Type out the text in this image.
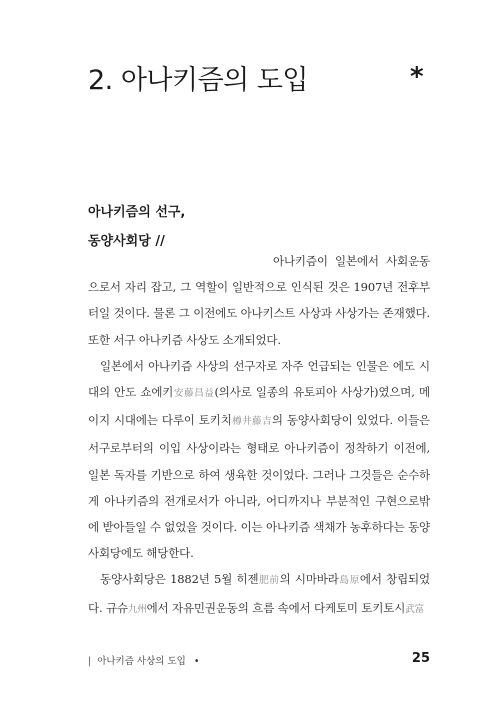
2. 아나키즘의 도입	*
아나키즘의 선구,
동양사회당 //

아나키즘이 일본에서 사회운동으로서 자리 잡고, 그 역할이 일반적으로 인식된 것은 1907년 전후부터일 것이다. 물론 그 이전에도 아나키스트 사상과 사상가는 존재했다. 또한 서구 아나키즘 사상도 소개되었다.

일본에서 아나키즘 사상의 선구자로 자주 언급되는 인물은 에도 시대의 안도 쇼에키安藤昌益(의사로 일종의 유토피아 사상가)였으며, 메이지 시대에는 다루이 토키치樽井藤吉의 동양사회당이 있었다. 이들은 서구로부터의 이입 사상이라는 형태로 아나키즘이 정착하기 이전에, 일본 독자를 기반으로 하여 생육한 것이었다. 그러나 그것들은 순수하게 아나키즘의 전개로서가 아니라, 어디까지나 부분적인 구현으로밖에 받아들일 수 없었을 것이다. 이는 아나키즘 색채가 농후하다는 동양사회당에도 해당한다.

동양사회당은 1882년 5월 히젠肥前의 시마바라島原에서 창립되었다. 규슈九州에서 자유민권운동의 흐름 속에서 다케토미 토키토시武富

| 아나키즘 사상의 도입 •	25
